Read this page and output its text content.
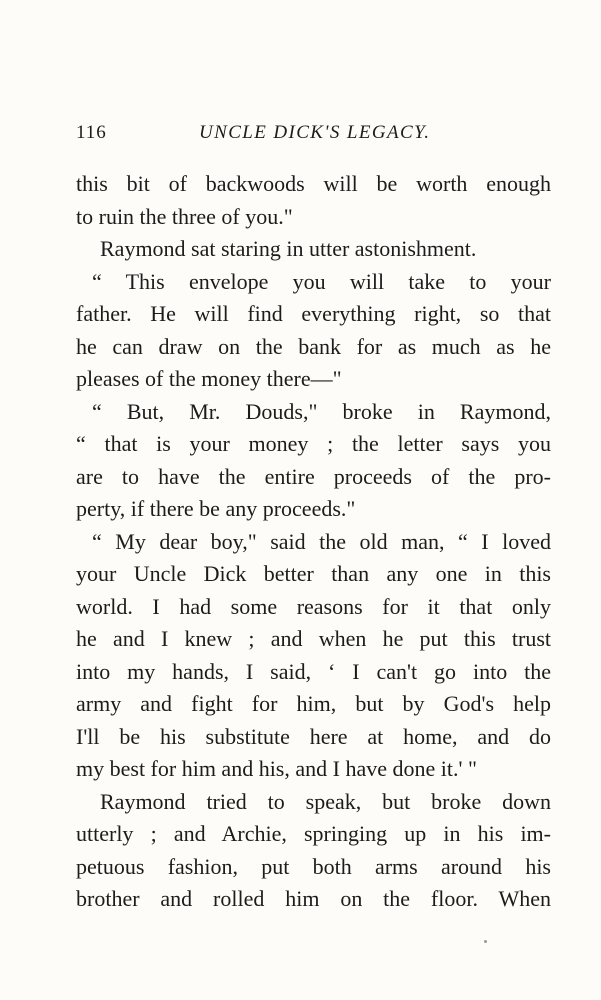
116	UNCLE DICK'S LEGACY.
this bit of backwoods will be worth enough
to ruin the three of you."
Raymond sat staring in utter astonishment.
“ This envelope you will take to your
father. He will find everything right, so that
he can draw on the bank for as much as he
pleases of the money there—"
“ But, Mr. Douds," broke in Raymond,
“ that is your money ; the letter says you
are to have the entire proceeds of the pro-
perty, if there be any proceeds."
“ My dear boy," said the old man, “ I loved
your Uncle Dick better than any one in this
world. I had some reasons for it that only
he and I knew ; and when he put this trust
into my hands, I said, ‘ I can't go into the
army and fight for him, but by God's help
I'll be his substitute here at home, and do
my best for him and his, and I have done it.' "
Raymond tried to speak, but broke down
utterly ; and Archie, springing up in his im-
petuous fashion, put both arms around his
brother and rolled him on the floor. When
